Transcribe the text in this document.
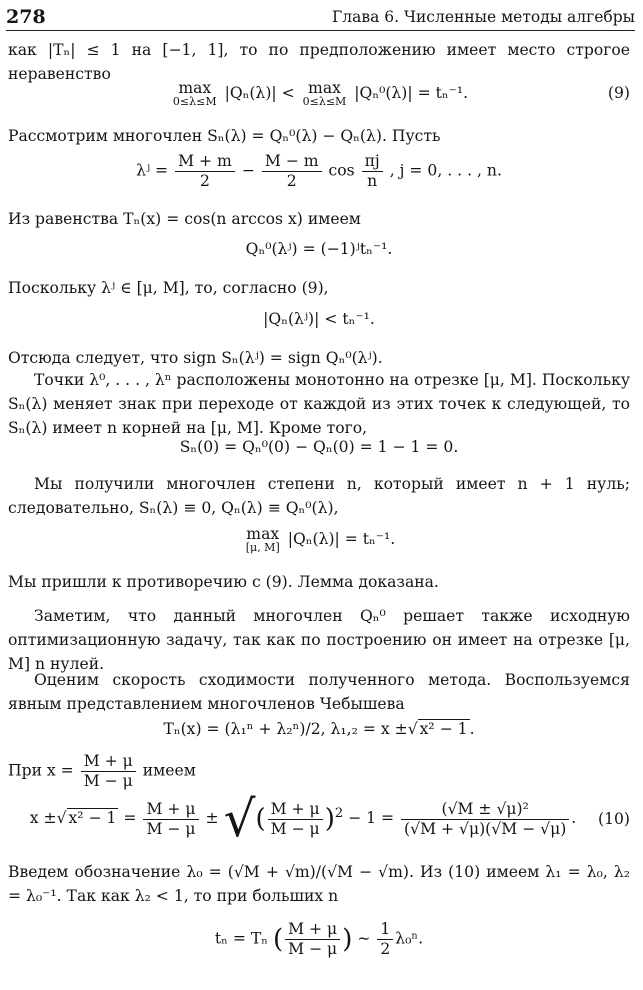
278	Глава 6. Численные методы алгебры

как |Tₙ| ≤ 1 на [−1, 1], то по предположению имеет место строгое неравенство

max
0≤λ≤M |Qₙ(λ)| < max
0≤λ≤M |Qₙ⁰(λ)| = tₙ⁻¹.	(9)

Рассмотрим многочлен Sₙ(λ) = Qₙ⁰(λ) − Qₙ(λ). Пусть

λʲ = $\frac{M + m}{2} - \frac{M - m}{2}$ $\cos \frac{\pi j}{n}$ , j = 0, . . . , n.

Из равенства Tₙ(x) = cos(n arccos x) имеем

Qₙ⁰(λʲ) = (−1)ʲtₙ⁻¹.

Поскольку λʲ ∈ [μ, M], то, согласно (9),

|Qₙ(λʲ)| < tₙ⁻¹.

Отсюда следует, что sign Sₙ(λʲ) = sign Qₙ⁰(λʲ).

Точки λ⁰, . . . , λⁿ расположены монотонно на отрезке [μ, M]. Поскольку Sₙ(λ) меняет знак при переходе от каждой из этих точек к следующей, то Sₙ(λ) имеет n корней на [μ, M]. Кроме того,

Sₙ(0) = Qₙ⁰(0) − Qₙ(0) = 1 − 1 = 0.

Мы получили многочлен степени n, который имеет n + 1 нуль; следовательно, Sₙ(λ) ≡ 0, Qₙ(λ) ≡ Qₙ⁰(λ),

max
[μ, M] |Qₙ(λ)| = tₙ⁻¹.

Мы пришли к противоречию с (9). Лемма доказана.

Заметим, что данный многочлен Qₙ⁰ решает также исходную оптимизационную задачу, так как по построению он имеет на отрезке [μ, M] n нулей.

Оценим скорость сходимости полученного метода. Воспользуемся явным представлением многочленов Чебышева

Tₙ(x) = (λ₁ⁿ + λ₂ⁿ)/2, λ₁,₂ = x ±√ x² − 1 .
При $x = \frac{M + \mu}{M - \mu}$ имеем
x ±√ $x^2 - 1 = \frac{M + \mu}{M - \mu}$ ± √( $\frac{M + \mu}{M - \mu} )^2 - 1 = \frac{\text{(√M ± √μ)²}}{(√M + √\mu)(√M - √\mu)}$ .	(10)

Введем обозначение λ₀ = (√M + √m)/(√M − √m). Из (10) имеем λ₁ = λ₀, λ₂ = λ₀⁻¹. Так как λ₂ < 1, то при больших n

tₙ = Tₙ ( $\frac{M + \mu}{M - \mu}$ ) ∼ $\frac{1}{2} \lambda_0^n$.
